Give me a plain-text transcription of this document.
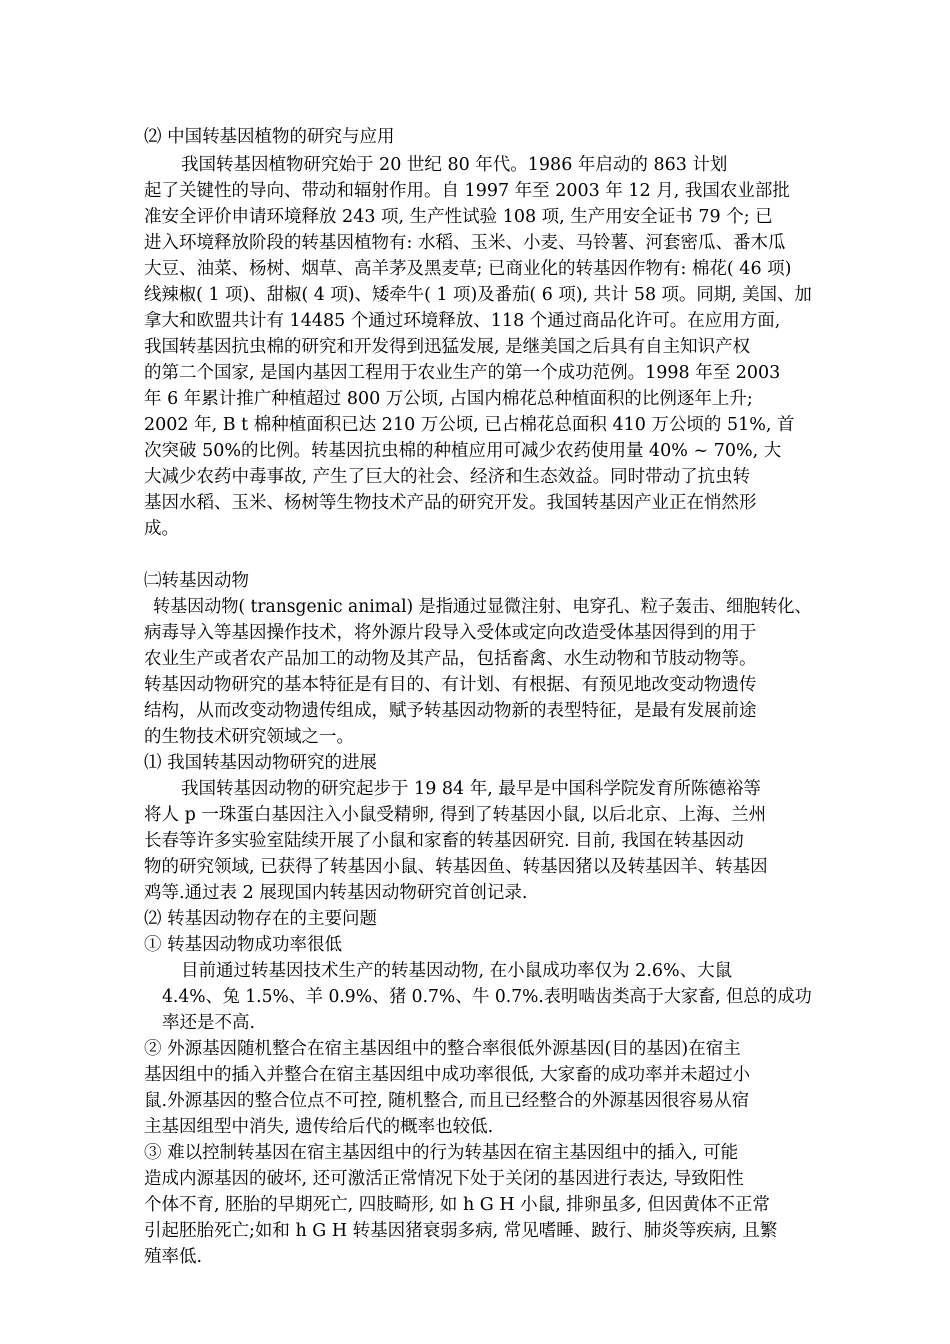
⑵ 中国转基因植物的研究与应用
我国转基因植物研究始于 20 世纪 80 年代。1986 年启动的 863 计划
起了关键性的导向、带动和辐射作用。自 1997 年至 2003 年 12 月, 我国农业部批
准安全评价申请环境释放 243 项, 生产性试验 108 项, 生产用安全证书 79 个; 已
进入环境释放阶段的转基因植物有: 水稻、玉米、小麦、马铃薯、河套密瓜、番木瓜
大豆、油菜、杨树、烟草、高羊茅及黑麦草; 已商业化的转基因作物有: 棉花( 46 项)
线辣椒( 1 项)、甜椒( 4 项)、矮牵牛( 1 项)及番茄( 6 项), 共计 58 项。同期, 美国、加
拿大和欧盟共计有 14485 个通过环境释放、118 个通过商品化许可。在应用方面,
我国转基因抗虫棉的研究和开发得到迅猛发展, 是继美国之后具有自主知识产权
的第二个国家, 是国内基因工程用于农业生产的第一个成功范例。1998 年至 2003
年 6 年累计推广种植超过 800 万公顷, 占国内棉花总种植面积的比例逐年上升;
2002 年, B t 棉种植面积已达 210 万公顷, 已占棉花总面积 410 万公顷的 51%, 首
次突破 50%的比例。转基因抗虫棉的种植应用可减少农药使用量 40% ~ 70%, 大
大减少农药中毒事故, 产生了巨大的社会、经济和生态效益。同时带动了抗虫转
基因水稻、玉米、杨树等生物技术产品的研究开发。我国转基因产业正在悄然形
成。
㈡转基因动物
转基因动物( transgenic animal) 是指通过显微注射、电穿孔、粒子轰击、细胞转化、
病毒导入等基因操作技术，将外源片段导入受体或定向改造受体基因得到的用于
农业生产或者农产品加工的动物及其产品，包括畜禽、水生动物和节肢动物等。
转基因动物研究的基本特征是有目的、有计划、有根据、有预见地改变动物遗传
结构，从而改变动物遗传组成，赋予转基因动物新的表型特征，是最有发展前途
的生物技术研究领域之一。
⑴ 我国转基因动物研究的进展
我国转基因动物的研究起步于 19 84 年, 最早是中国科学院发育所陈德裕等
将人 p 一珠蛋白基因注入小鼠受精卵, 得到了转基因小鼠, 以后北京、上海、兰州
长春等许多实验室陆续开展了小鼠和家畜的转基因研究. 目前, 我国在转基因动
物的研究领域, 已获得了转基因小鼠、转基因鱼、转基因猪以及转基因羊、转基因
鸡等.通过表 2 展现国内转基因动物研究首创记录.
⑵ 转基因动物存在的主要问题
① 转基因动物成功率很低
目前通过转基因技术生产的转基因动物, 在小鼠成功率仅为 2.6%、大鼠
4.4%、兔 1.5%、羊 0.9%、猪 0.7%、牛 0.7%.表明啮齿类高于大家畜, 但总的成功
率还是不高.
② 外源基因随机整合在宿主基因组中的整合率很低外源基因(目的基因)在宿主
基因组中的插入并整合在宿主基因组中成功率很低, 大家畜的成功率并未超过小
鼠.外源基因的整合位点不可控, 随机整合, 而且已经整合的外源基因很容易从宿
主基因组型中消失, 遗传给后代的概率也较低.
③ 难以控制转基因在宿主基因组中的行为转基因在宿主基因组中的插入, 可能
造成内源基因的破坏, 还可激活正常情况下处于关闭的基因进行表达, 导致阳性
个体不育, 胚胎的早期死亡, 四肢畸形, 如 h G H 小鼠, 排卵虽多, 但因黄体不正常
引起胚胎死亡;如和 h G H 转基因猪衰弱多病, 常见嗜睡、跛行、肺炎等疾病, 且繁
殖率低.
